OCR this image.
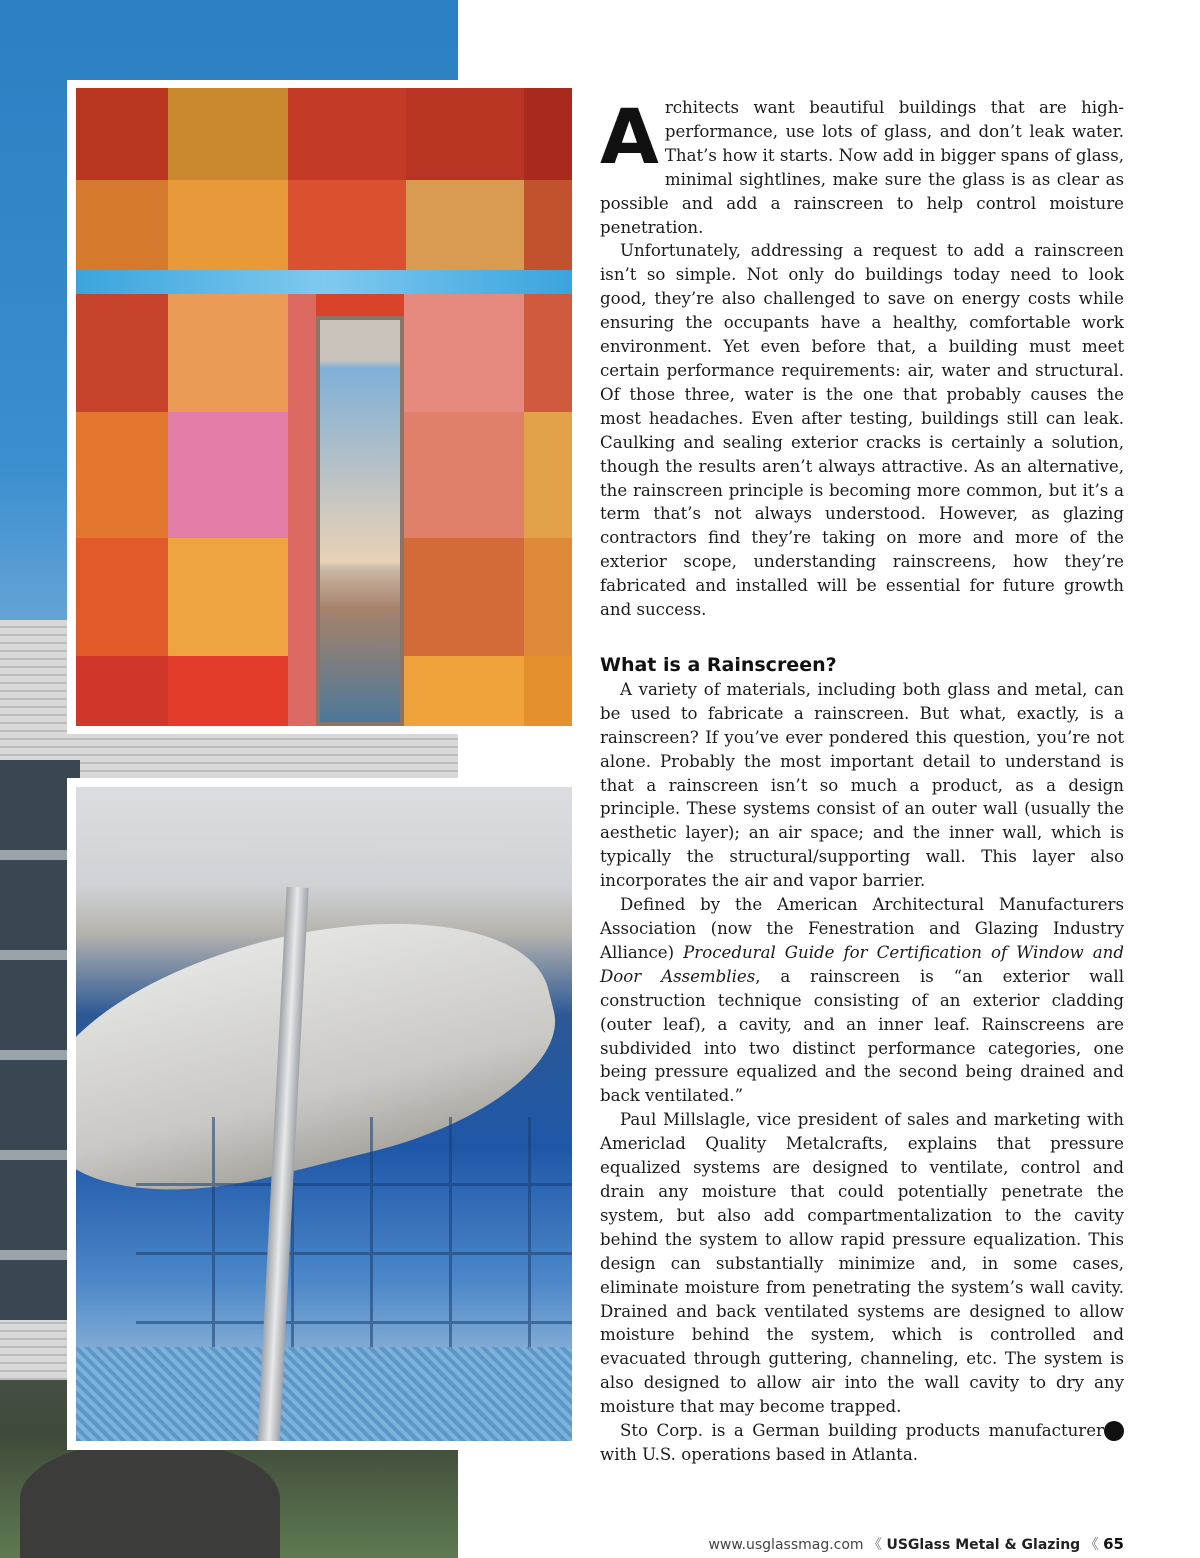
Architects want beautiful buildings that are high-performance, use lots of glass, and don’t leak water. That’s how it starts. Now add in bigger spans of glass, minimal sightlines, make sure the glass is as clear as possible and add a rainscreen to help control moisture penetration.

Unfortunately, addressing a request to add a rainscreen isn’t so simple. Not only do buildings today need to look good, they’re also challenged to save on energy costs while ensuring the occupants have a healthy, comfortable work environment. Yet even before that, a building must meet certain performance requirements: air, water and structural. Of those three, water is the one that probably causes the most headaches. Even after testing, buildings still can leak. Caulking and sealing exterior cracks is certainly a solution, though the results aren’t always attractive. As an alternative, the rainscreen principle is becoming more common, but it’s a term that’s not always understood. However, as glazing contractors find they’re taking on more and more of the exterior scope, understanding rainscreens, how they’re fabricated and installed will be essential for future growth and success.

What is a Rainscreen?

A variety of materials, including both glass and metal, can be used to fabricate a rainscreen. But what, exactly, is a rainscreen? If you’ve ever pondered this question, you’re not alone. Probably the most important detail to understand is that a rainscreen isn’t so much a product, as a design principle. These systems consist of an outer wall (usually the aesthetic layer); an air space; and the inner wall, which is typically the structural/supporting wall. This layer also incorporates the air and vapor barrier.

Defined by the American Architectural Manufacturers Association (now the Fenestration and Glazing Industry Alliance) Procedural Guide for Certification of Window and Door Assemblies, a rainscreen is “an exterior wall construction technique consisting of an exterior cladding (outer leaf), a cavity, and an inner leaf. Rainscreens are subdivided into two distinct performance categories, one being pressure equalized and the second being drained and back ventilated.”

Paul Millslagle, vice president of sales and marketing with Americlad Quality Metalcrafts, explains that pressure equalized systems are designed to ventilate, control and drain any moisture that could potentially penetrate the system, but also add compartmentalization to the cavity behind the system to allow rapid pressure equalization. This design can substantially minimize and, in some cases, eliminate moisture from penetrating the system’s wall cavity. Drained and back ventilated systems are designed to allow moisture behind the system, which is controlled and evacuated through guttering, channeling, etc. The system is also designed to allow air into the wall cavity to dry any moisture that may become trapped.

➜
Sto Corp. is a German building products manufacturer with U.S. operations based in Atlanta.

www.usglassmag.com 《 USGlass Metal & Glazing 《 65
